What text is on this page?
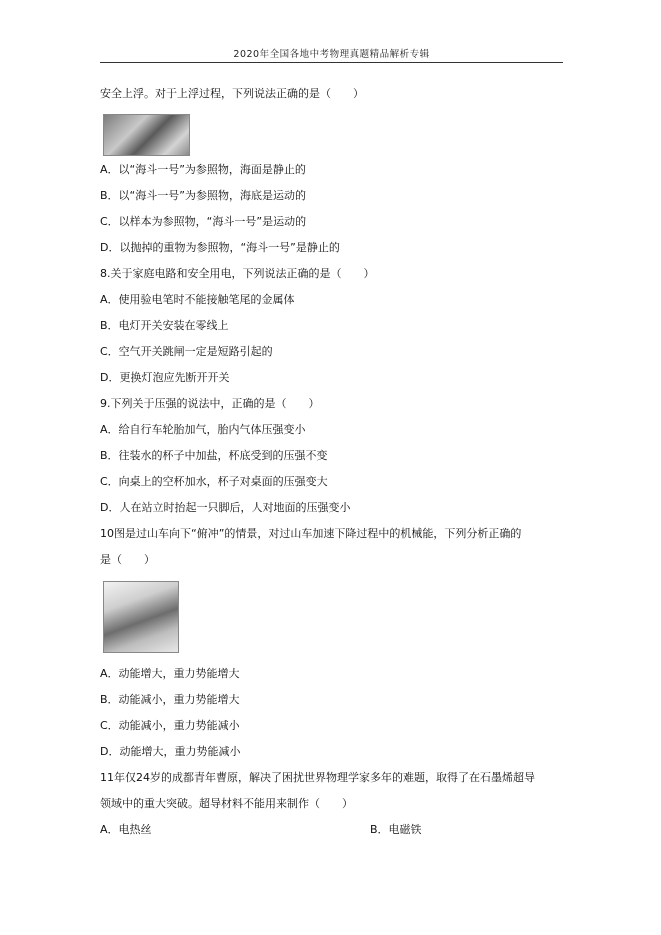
2020年全国各地中考物理真题精品解析专辑
安全上浮。对于上浮过程，下列说法正确的是（　　）
A．以“海斗一号”为参照物，海面是静止的
B．以“海斗一号”为参照物，海底是运动的
C．以样本为参照物，“海斗一号”是运动的
D．以抛掉的重物为参照物，“海斗一号”是静止的
8.关于家庭电路和安全用电，下列说法正确的是（　　）
A．使用验电笔时不能接触笔尾的金属体
B．电灯开关安装在零线上
C．空气开关跳闸一定是短路引起的
D．更换灯泡应先断开开关
9.下列关于压强的说法中，正确的是（　　）
A．给自行车轮胎加气，胎内气体压强变小
B．往装水的杯子中加盐，杯底受到的压强不变
C．向桌上的空杯加水，杯子对桌面的压强变大
D．人在站立时抬起一只脚后，人对地面的压强变小
10图是过山车向下“俯冲”的情景，对过山车加速下降过程中的机械能，下列分析正确的
是（　　）
A．动能增大，重力势能增大
B．动能减小，重力势能增大
C．动能减小，重力势能减小
D．动能增大，重力势能减小
11年仅24岁的成都青年曹原，解决了困扰世界物理学家多年的难题，取得了在石墨烯超导
领域中的重大突破。超导材料不能用来制作（　　）
A．电热丝	B．电磁铁
